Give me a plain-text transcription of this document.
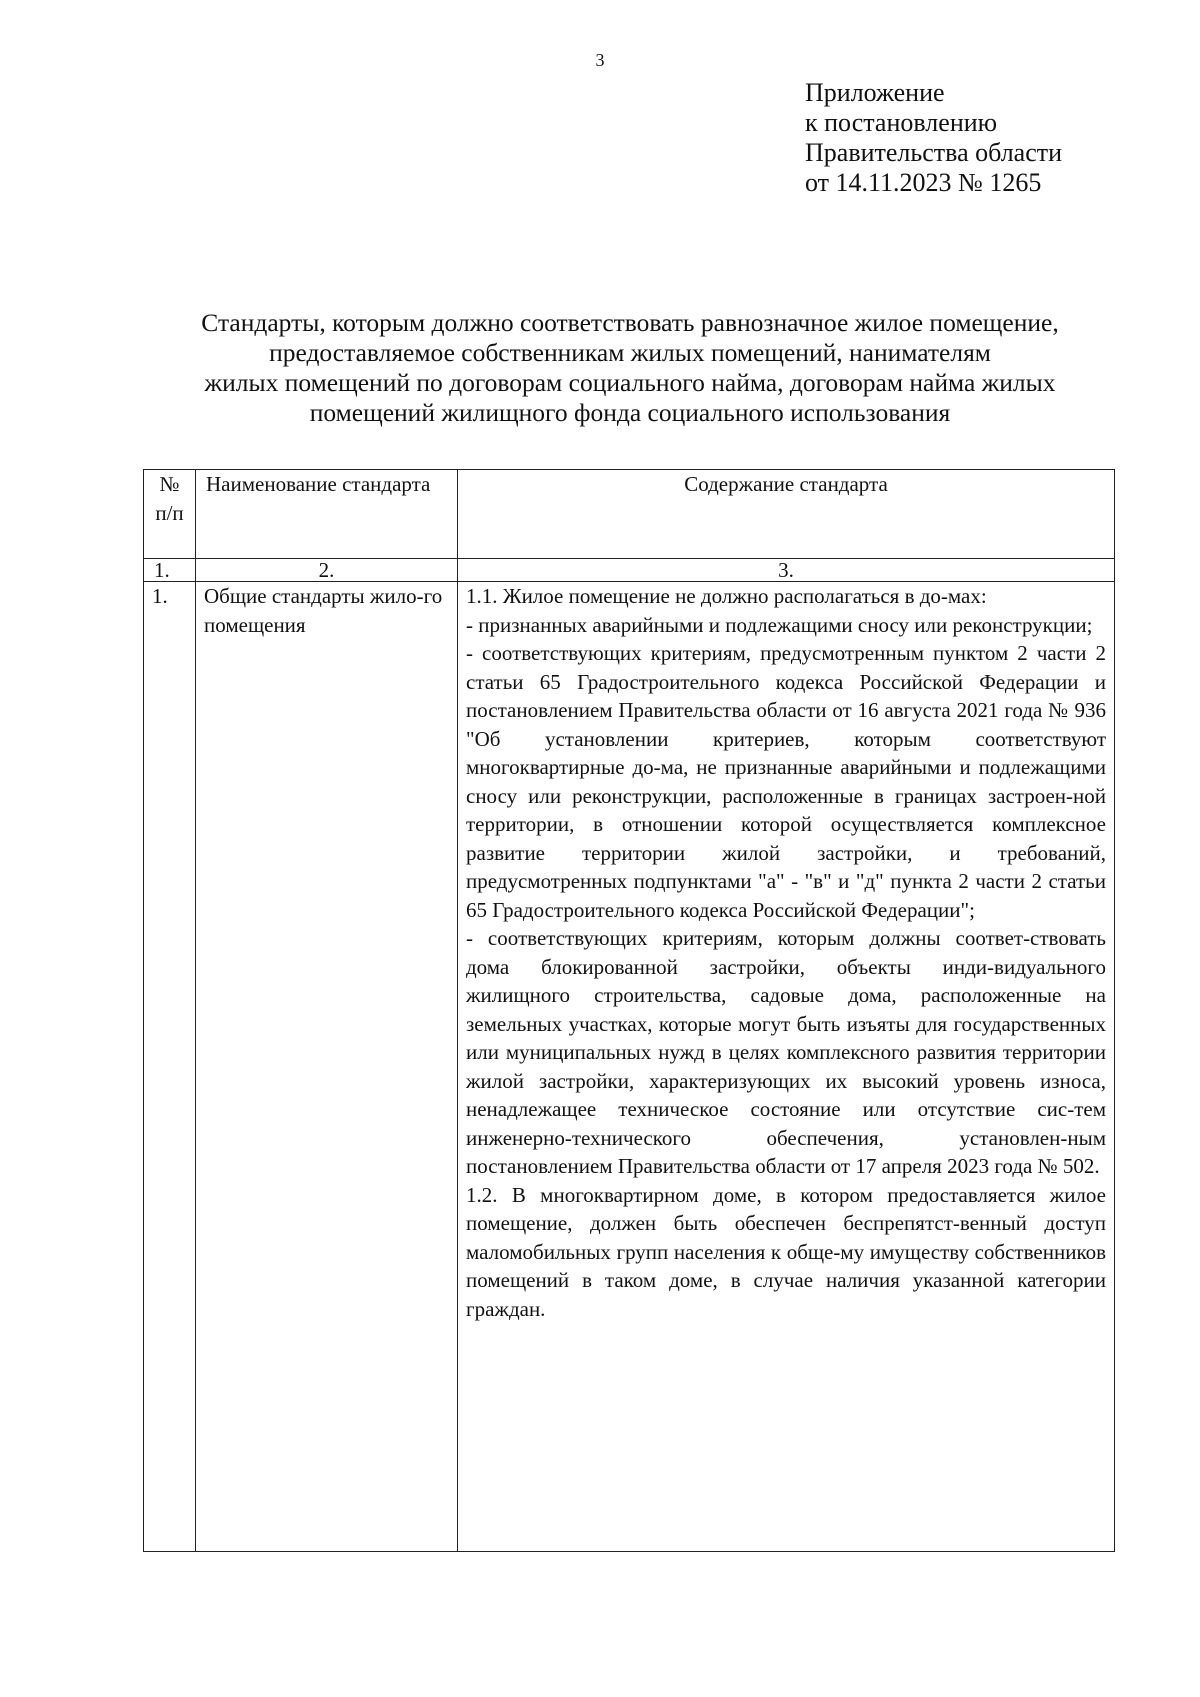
3
Приложение
к постановлению
Правительства области
от 14.11.2023 № 1265
Стандарты, которым должно соответствовать равнозначное жилое помещение,
предоставляемое собственникам жилых помещений, нанимателям
жилых помещений по договорам социального найма, договорам найма жилых
помещений жилищного фонда социального использования
№
п/п	Наименование стандарта	Содержание стандарта
1.	2.	3.
1.	Общие стандарты жило-го помещения	1.1. Жилое помещение не должно располагаться в до-мах:

- признанных аварийными и подлежащими сносу или реконструкции;

- соответствующих критериям, предусмотренным пунктом 2 части 2 статьи 65 Градостроительного кодекса Российской Федерации и постановлением Правительства области от 16 августа 2021 года № 936 "Об установлении критериев, которым соответствуют многоквартирные до-ма, не признанные аварийными и подлежащими сносу или реконструкции, расположенные в границах застроен-ной территории, в отношении которой осуществляется комплексное развитие территории жилой застройки, и требований, предусмотренных подпунктами "а" - "в" и "д" пункта 2 части 2 статьи 65 Градостроительного кодекса Российской Федерации";

- соответствующих критериям, которым должны соответ-ствовать дома блокированной застройки, объекты инди-видуального жилищного строительства, садовые дома, расположенные на земельных участках, которые могут быть изъяты для государственных или муниципальных нужд в целях комплексного развития территории жилой застройки, характеризующих их высокий уровень износа, ненадлежащее техническое состояние или отсутствие сис-тем инженерно-технического обеспечения, установлен-ным постановлением Правительства области от 17 апреля 2023 года № 502.

1.2. В многоквартирном доме, в котором предоставляется жилое помещение, должен быть обеспечен беспрепятст-венный доступ маломобильных групп населения к обще-му имуществу собственников помещений в таком доме, в случае наличия указанной категории граждан.
